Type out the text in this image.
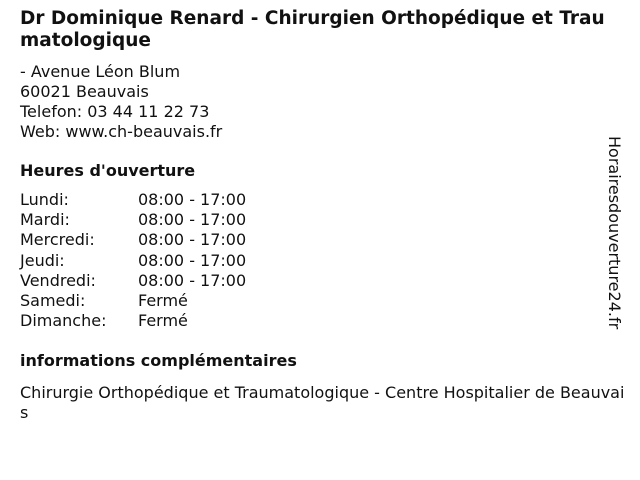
Dr Dominique Renard - Chirurgien Orthopédique et Traumatologique
- Avenue Léon Blum
60021 Beauvais
Telefon: 03 44 11 22 73
Web: www.ch-beauvais.fr
Heures d'ouverture
Lundi:	08:00 - 17:00
Mardi:	08:00 - 17:00
Mercredi:	08:00 - 17:00
Jeudi:	08:00 - 17:00
Vendredi:	08:00 - 17:00
Samedi:	Fermé
Dimanche:	Fermé
informations complémentaires
Chirurgie Orthopédique et Traumatologique - Centre Hospitalier de Beauvais
Horairesdouverture24.fr
